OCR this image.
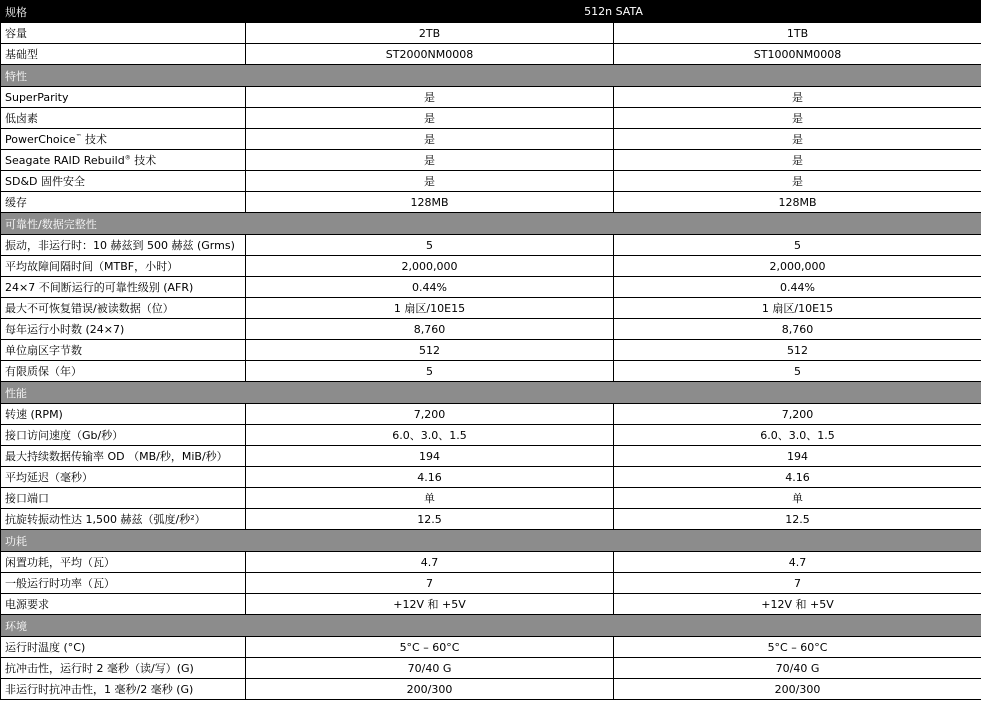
规格	512n SATA	
容量	2TB	1TB
基础型	ST2000NM0008	ST1000NM0008
特性		
SuperParity	是	是
低卤素	是	是
PowerChoice™ 技术	是	是
Seagate RAID Rebuild® 技术	是	是
SD&D 固件安全	是	是
缓存	128MB	128MB
可靠性/数据完整性		
振动，非运行时：10 赫兹到 500 赫兹 (Grms)	5	5
平均故障间隔时间（MTBF，小时）	2,000,000	2,000,000
24×7 不间断运行的可靠性级别 (AFR)	0.44%	0.44%
最大不可恢复错误/被读数据（位）	1 扇区/10E15	1 扇区/10E15
每年运行小时数 (24×7)	8,760	8,760
单位扇区字节数	512	512
有限质保（年）	5	5
性能		
转速 (RPM)	7,200	7,200
接口访问速度（Gb/秒）	6.0、3.0、1.5	6.0、3.0、1.5
最大持续数据传输率 OD （MB/秒，MiB/秒）	194	194
平均延迟（毫秒）	4.16	4.16
接口端口	单	单
抗旋转振动性达 1,500 赫兹（弧度/秒²）	12.5	12.5
功耗		
闲置功耗，平均（瓦）	4.7	4.7
一般运行时功率（瓦）	7	7
电源要求	+12V 和 +5V	+12V 和 +5V
环境		
运行时温度 (°C)	5°C – 60°C	5°C – 60°C
抗冲击性，运行时 2 毫秒（读/写）(G)	70/40 G	70/40 G
非运行时抗冲击性，1 毫秒/2 毫秒 (G)	200/300	200/300
